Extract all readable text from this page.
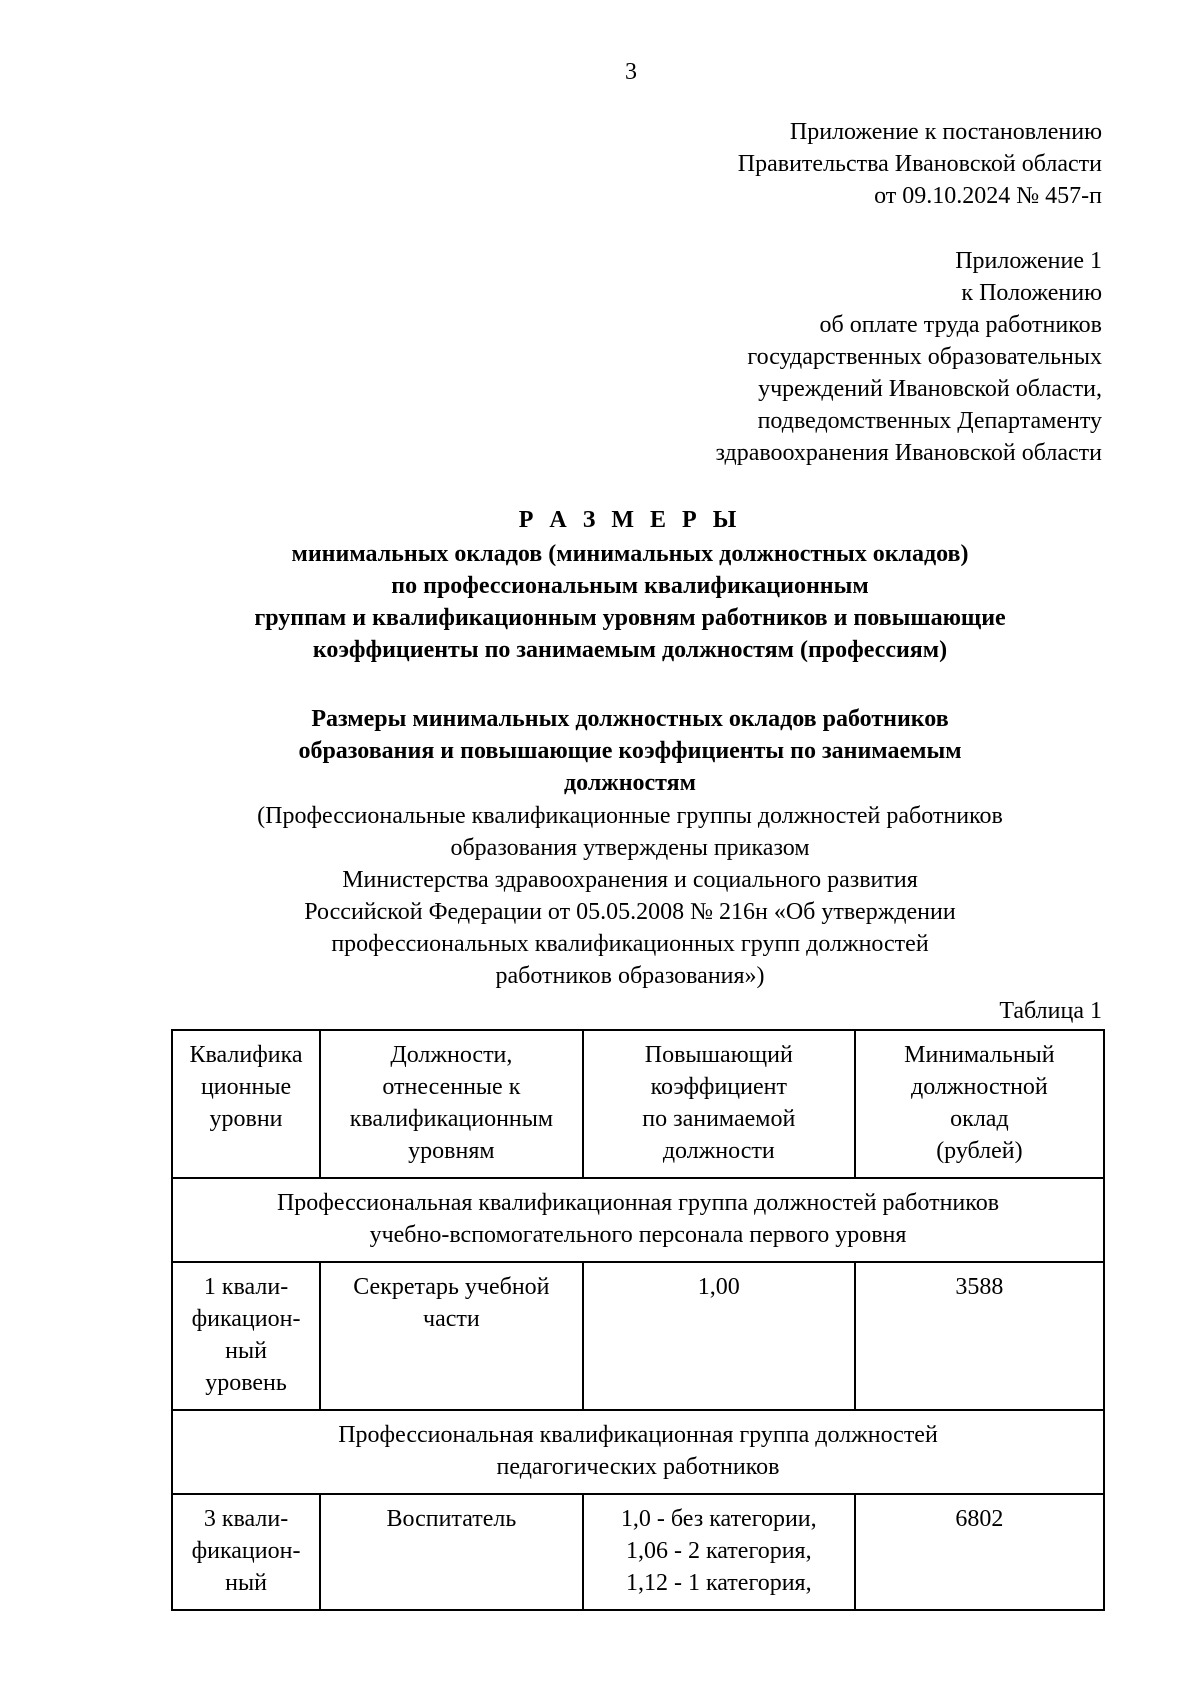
3
Приложение к постановлению
Правительства Ивановской области
от 09.10.2024 № 457-п
Приложение 1
к Положению
об оплате труда работников
государственных образовательных
учреждений Ивановской области,
подведомственных Департаменту
здравоохранения Ивановской области
Р А З М Е Р Ы
минимальных окладов (минимальных должностных окладов)
по профессиональным квалификационным
группам и квалификационным уровням работников и повышающие
коэффициенты по занимаемым должностям (профессиям)
Размеры минимальных должностных окладов работников
образования и повышающие коэффициенты по занимаемым
должностям
(Профессиональные квалификационные группы должностей работников
образования утверждены приказом
Министерства здравоохранения и социального развития
Российской Федерации от 05.05.2008 № 216н «Об утверждении
профессиональных квалификационных групп должностей
работников образования»)
Таблица 1
Квалифика
ционные
уровни	Должности,
отнесенные к
квалификационным
уровням	Повышающий
коэффициент
по занимаемой
должности	Минимальный
должностной
оклад
(рублей)
Профессиональная квалификационная группа должностей работников
учебно-вспомогательного персонала первого уровня			
1 квали-
фикацион-
ный
уровень	Секретарь учебной
части	1,00	3588
Профессиональная квалификационная группа должностей
педагогических работников			
3 квали-
фикацион-
ный	Воспитатель	1,0 - без категории,
1,06 - 2 категория,
1,12 - 1 категория,	6802
